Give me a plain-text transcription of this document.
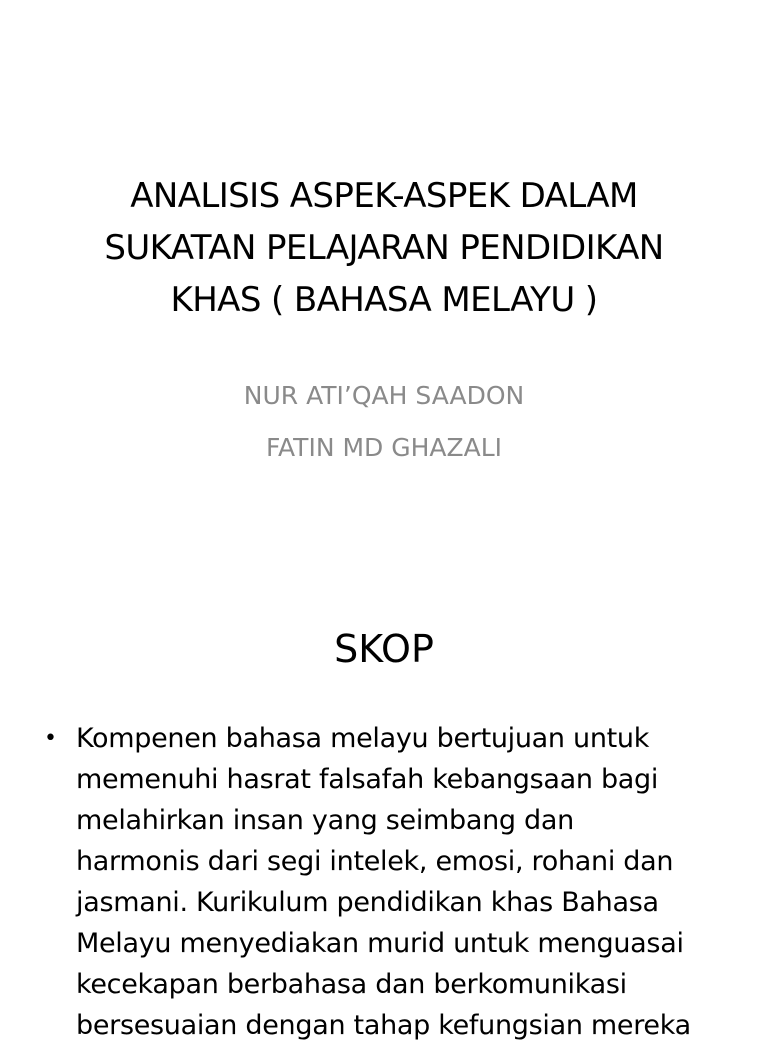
ANALISIS ASPEK-ASPEK DALAM
SUKATAN PELAJARAN PENDIDIKAN
KHAS ( BAHASA MELAYU )
NUR ATI’QAH SAADON
FATIN MD GHAZALI
SKOP
• Kompenen bahasa melayu bertujuan untuk
memenuhi hasrat falsafah kebangsaan bagi
melahirkan insan yang seimbang dan
harmonis dari segi intelek, emosi, rohani dan
jasmani. Kurikulum pendidikan khas Bahasa
Melayu menyediakan murid untuk menguasai
kecekapan berbahasa dan berkomunikasi
bersesuaian dengan tahap kefungsian mereka
